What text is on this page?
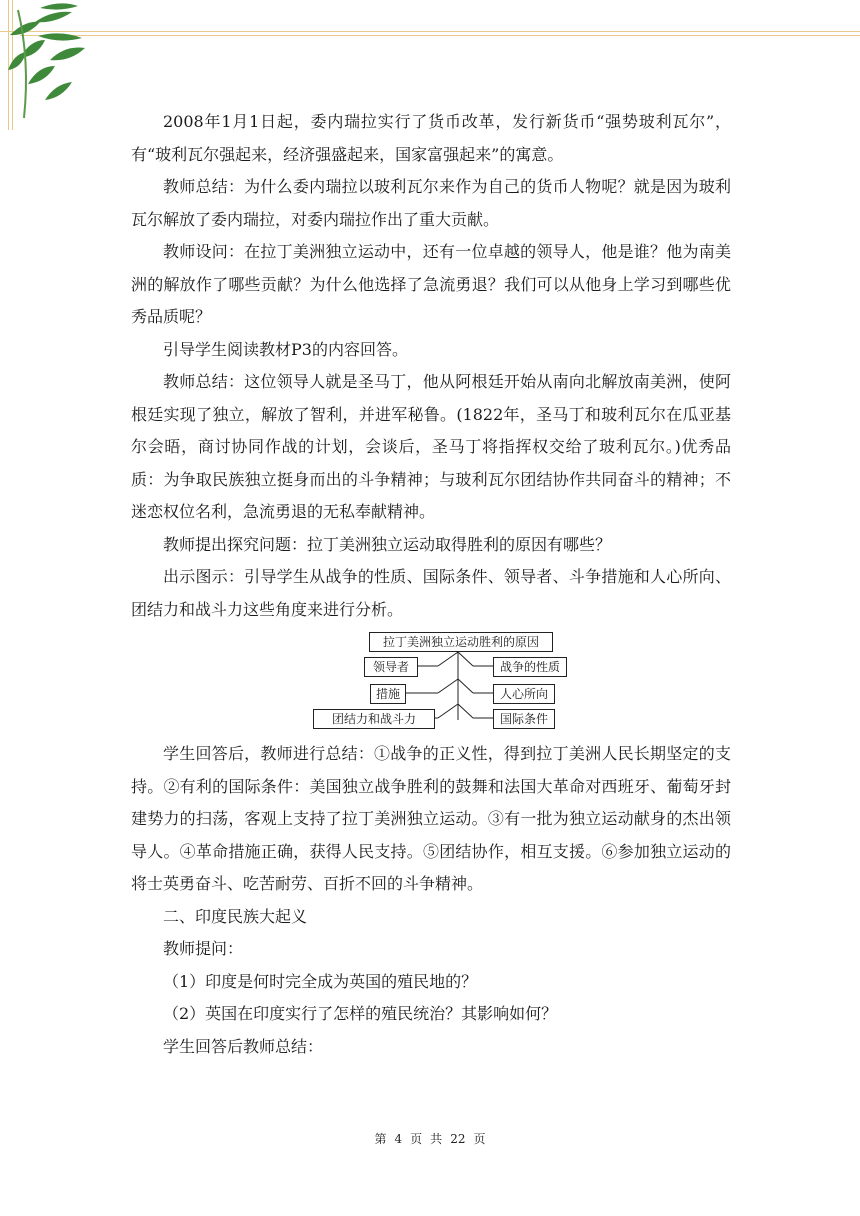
2008年1月1日起，委内瑞拉实行了货币改革，发行新货币“强势玻利瓦尔”，有“玻利瓦尔强起来，经济强盛起来，国家富强起来”的寓意。

教师总结：为什么委内瑞拉以玻利瓦尔来作为自己的货币人物呢？就是因为玻利瓦尔解放了委内瑞拉，对委内瑞拉作出了重大贡献。

教师设问：在拉丁美洲独立运动中，还有一位卓越的领导人，他是谁？他为南美洲的解放作了哪些贡献？为什么他选择了急流勇退？我们可以从他身上学习到哪些优秀品质呢？

引导学生阅读教材P3的内容回答。

教师总结：这位领导人就是圣马丁，他从阿根廷开始从南向北解放南美洲，使阿根廷实现了独立，解放了智利，并进军秘鲁。(1822年，圣马丁和玻利瓦尔在瓜亚基尔会晤，商讨协同作战的计划，会谈后，圣马丁将指挥权交给了玻利瓦尔。)优秀品质：为争取民族独立挺身而出的斗争精神；与玻利瓦尔团结协作共同奋斗的精神；不迷恋权位名利，急流勇退的无私奉献精神。

教师提出探究问题：拉丁美洲独立运动取得胜利的原因有哪些？

出示图示：引导学生从战争的性质、国际条件、领导者、斗争措施和人心所向、团结力和战斗力这些角度来进行分析。

拉丁美洲独立运动胜利的原因
领导者
措施
团结力和战斗力
战争的性质
人心所向
国际条件

学生回答后，教师进行总结：①战争的正义性，得到拉丁美洲人民长期坚定的支持。②有利的国际条件：美国独立战争胜利的鼓舞和法国大革命对西班牙、葡萄牙封建势力的扫荡，客观上支持了拉丁美洲独立运动。③有一批为独立运动献身的杰出领导人。④革命措施正确，获得人民支持。⑤团结协作，相互支援。⑥参加独立运动的将士英勇奋斗、吃苦耐劳、百折不回的斗争精神。

二、印度民族大起义

教师提问：

（1）印度是何时完全成为英国的殖民地的？

（2）英国在印度实行了怎样的殖民统治？其影响如何？

学生回答后教师总结：

第 4 页 共 22 页
